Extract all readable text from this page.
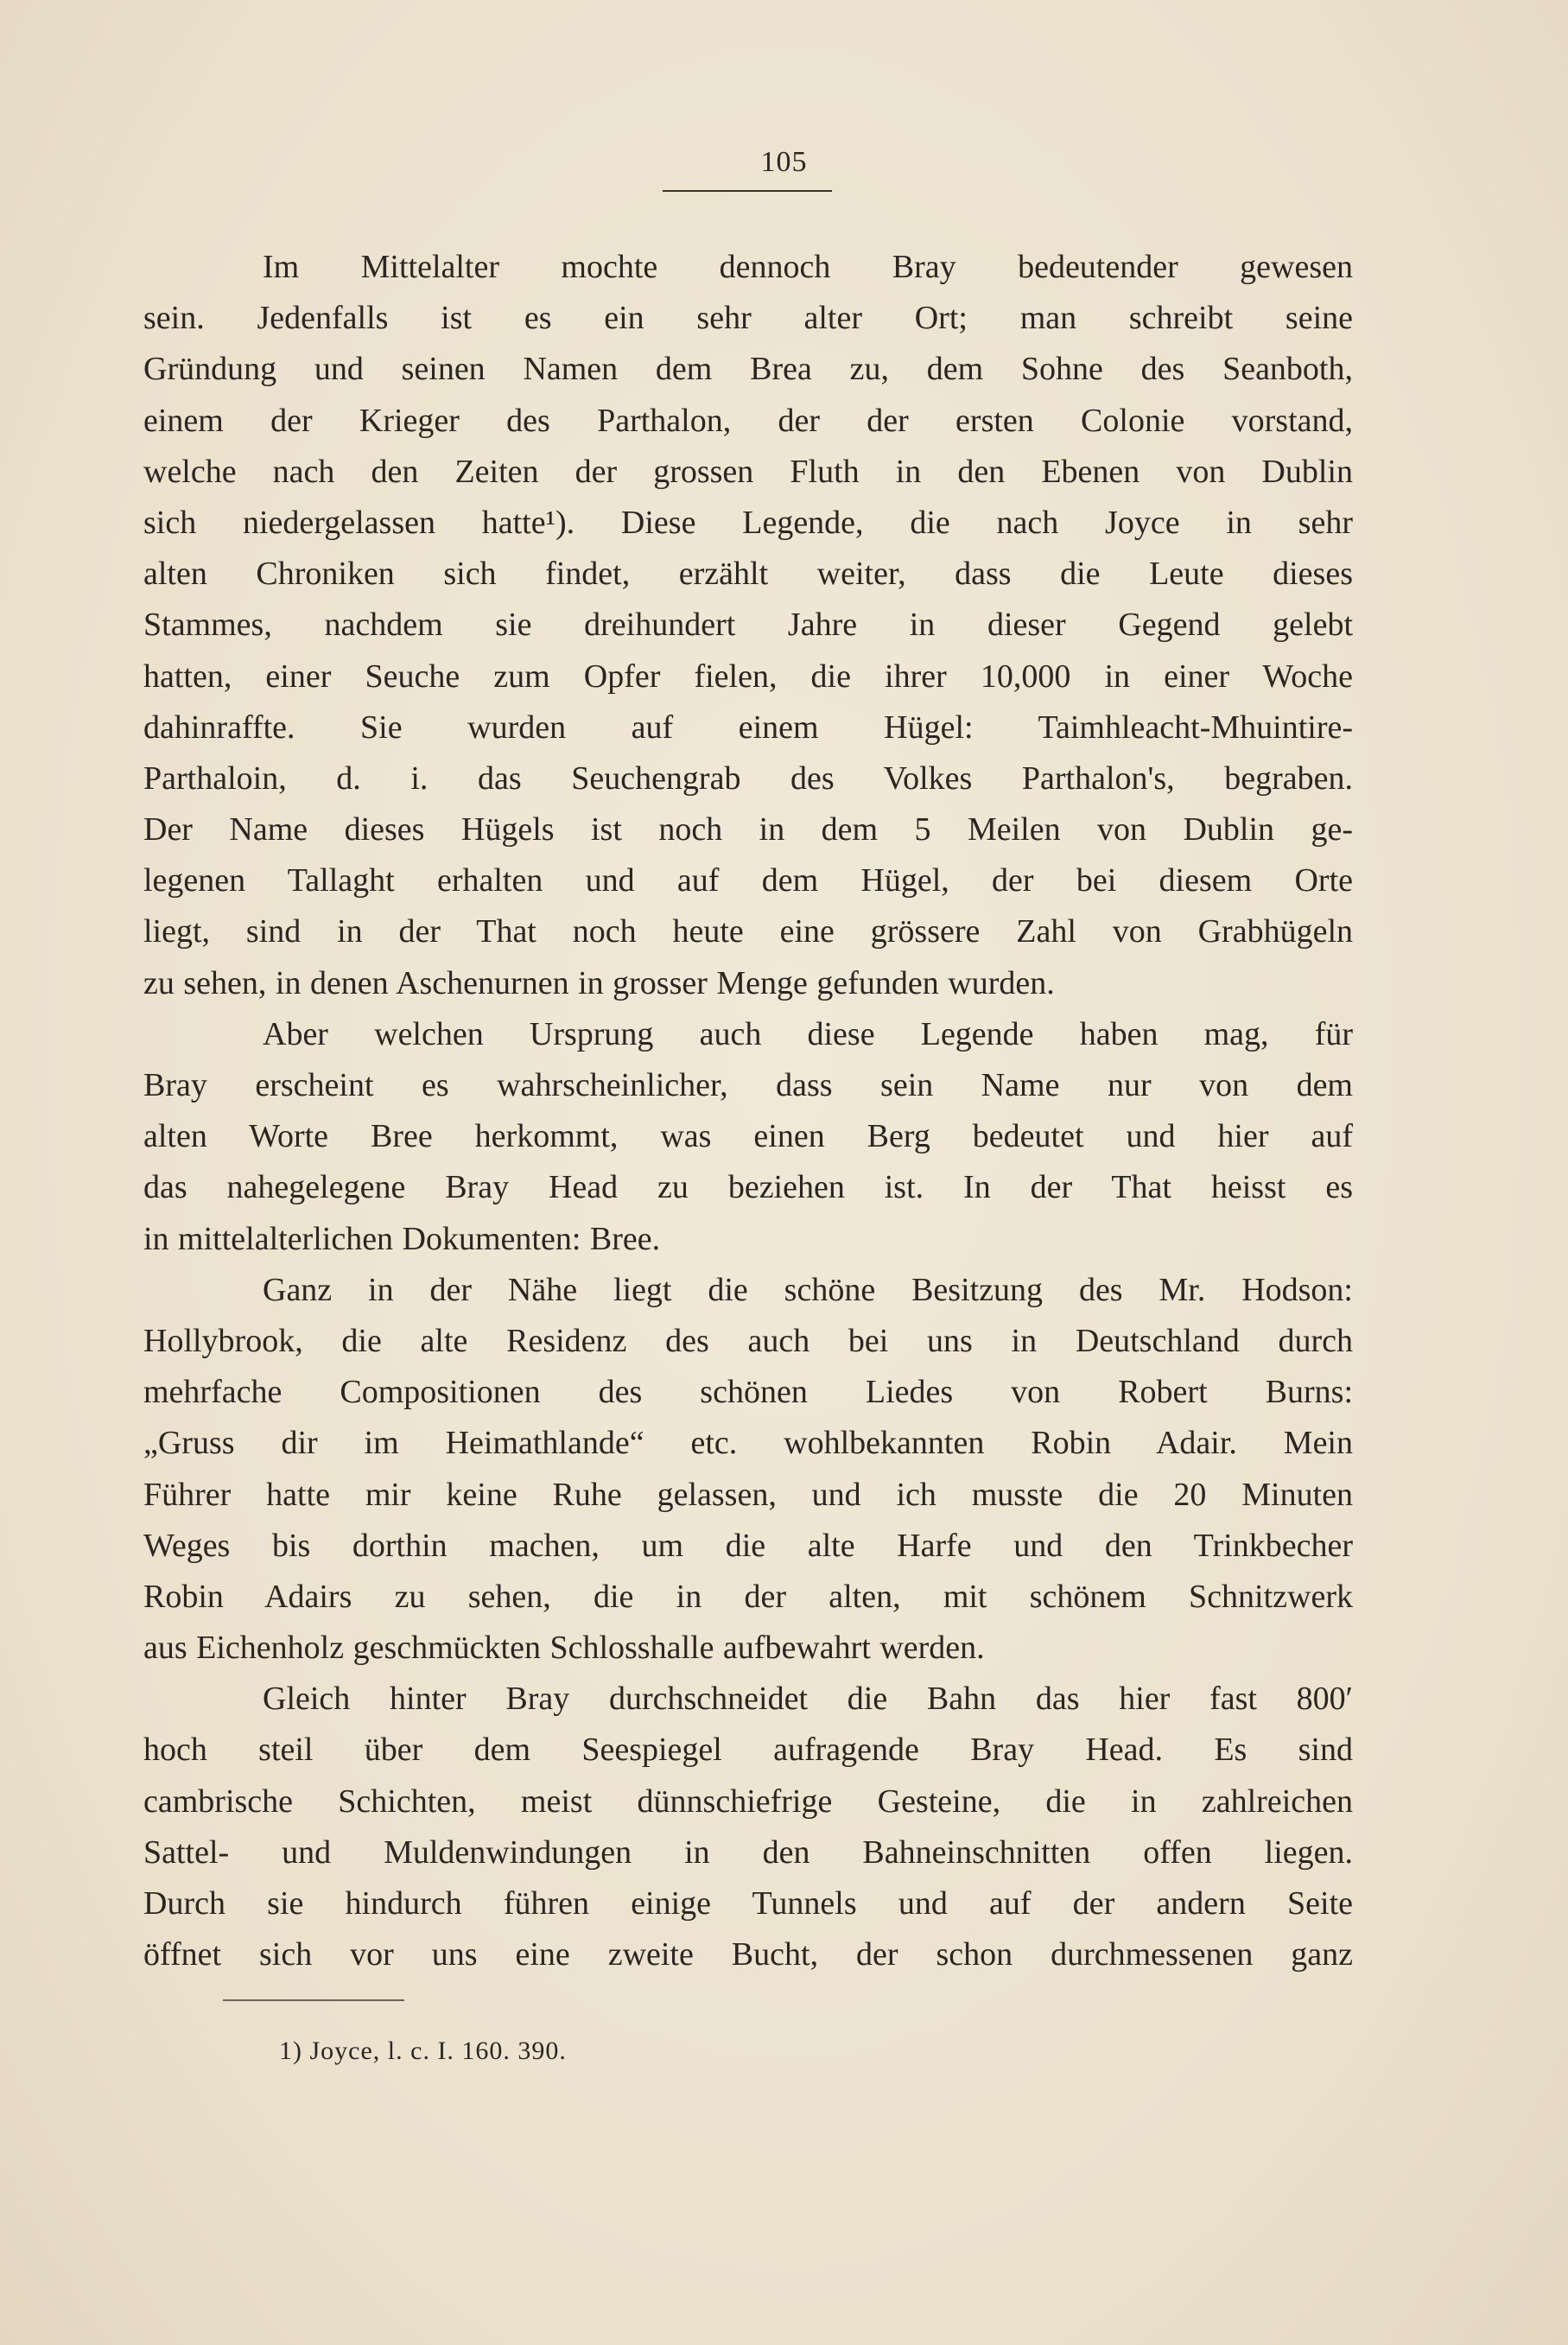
105
Im Mittelalter mochte dennoch Bray bedeutender gewesen
sein. Jedenfalls ist es ein sehr alter Ort; man schreibt seine
Gründung und seinen Namen dem Brea zu, dem Sohne des Seanboth,
einem der Krieger des Parthalon, der der ersten Colonie vorstand,
welche nach den Zeiten der grossen Fluth in den Ebenen von Dublin
sich niedergelassen hatte¹). Diese Legende, die nach Joyce in sehr
alten Chroniken sich findet, erzählt weiter, dass die Leute dieses
Stammes, nachdem sie dreihundert Jahre in dieser Gegend gelebt
hatten, einer Seuche zum Opfer fielen, die ihrer 10,000 in einer Woche
dahinraffte. Sie wurden auf einem Hügel: Taimhleacht-Mhuintire-
Parthaloin, d. i. das Seuchengrab des Volkes Parthalon's, begraben.
Der Name dieses Hügels ist noch in dem 5 Meilen von Dublin ge-
legenen Tallaght erhalten und auf dem Hügel, der bei diesem Orte
liegt, sind in der That noch heute eine grössere Zahl von Grabhügeln
zu sehen, in denen Aschenurnen in grosser Menge gefunden wurden.
Aber welchen Ursprung auch diese Legende haben mag, für
Bray erscheint es wahrscheinlicher, dass sein Name nur von dem
alten Worte Bree herkommt, was einen Berg bedeutet und hier auf
das nahegelegene Bray Head zu beziehen ist. In der That heisst es
in mittelalterlichen Dokumenten: Bree.
Ganz in der Nähe liegt die schöne Besitzung des Mr. Hodson:
Hollybrook, die alte Residenz des auch bei uns in Deutschland durch
mehrfache Compositionen des schönen Liedes von Robert Burns:
„Gruss dir im Heimathlande“ etc. wohlbekannten Robin Adair. Mein
Führer hatte mir keine Ruhe gelassen, und ich musste die 20 Minuten
Weges bis dorthin machen, um die alte Harfe und den Trinkbecher
Robin Adairs zu sehen, die in der alten, mit schönem Schnitzwerk
aus Eichenholz geschmückten Schlosshalle aufbewahrt werden.
Gleich hinter Bray durchschneidet die Bahn das hier fast 800′
hoch steil über dem Seespiegel aufragende Bray Head. Es sind
cambrische Schichten, meist dünnschiefrige Gesteine, die in zahlreichen
Sattel- und Muldenwindungen in den Bahneinschnitten offen liegen.
Durch sie hindurch führen einige Tunnels und auf der andern Seite
öffnet sich vor uns eine zweite Bucht, der schon durchmessenen ganz
1) Joyce, l. c. I. 160. 390.
